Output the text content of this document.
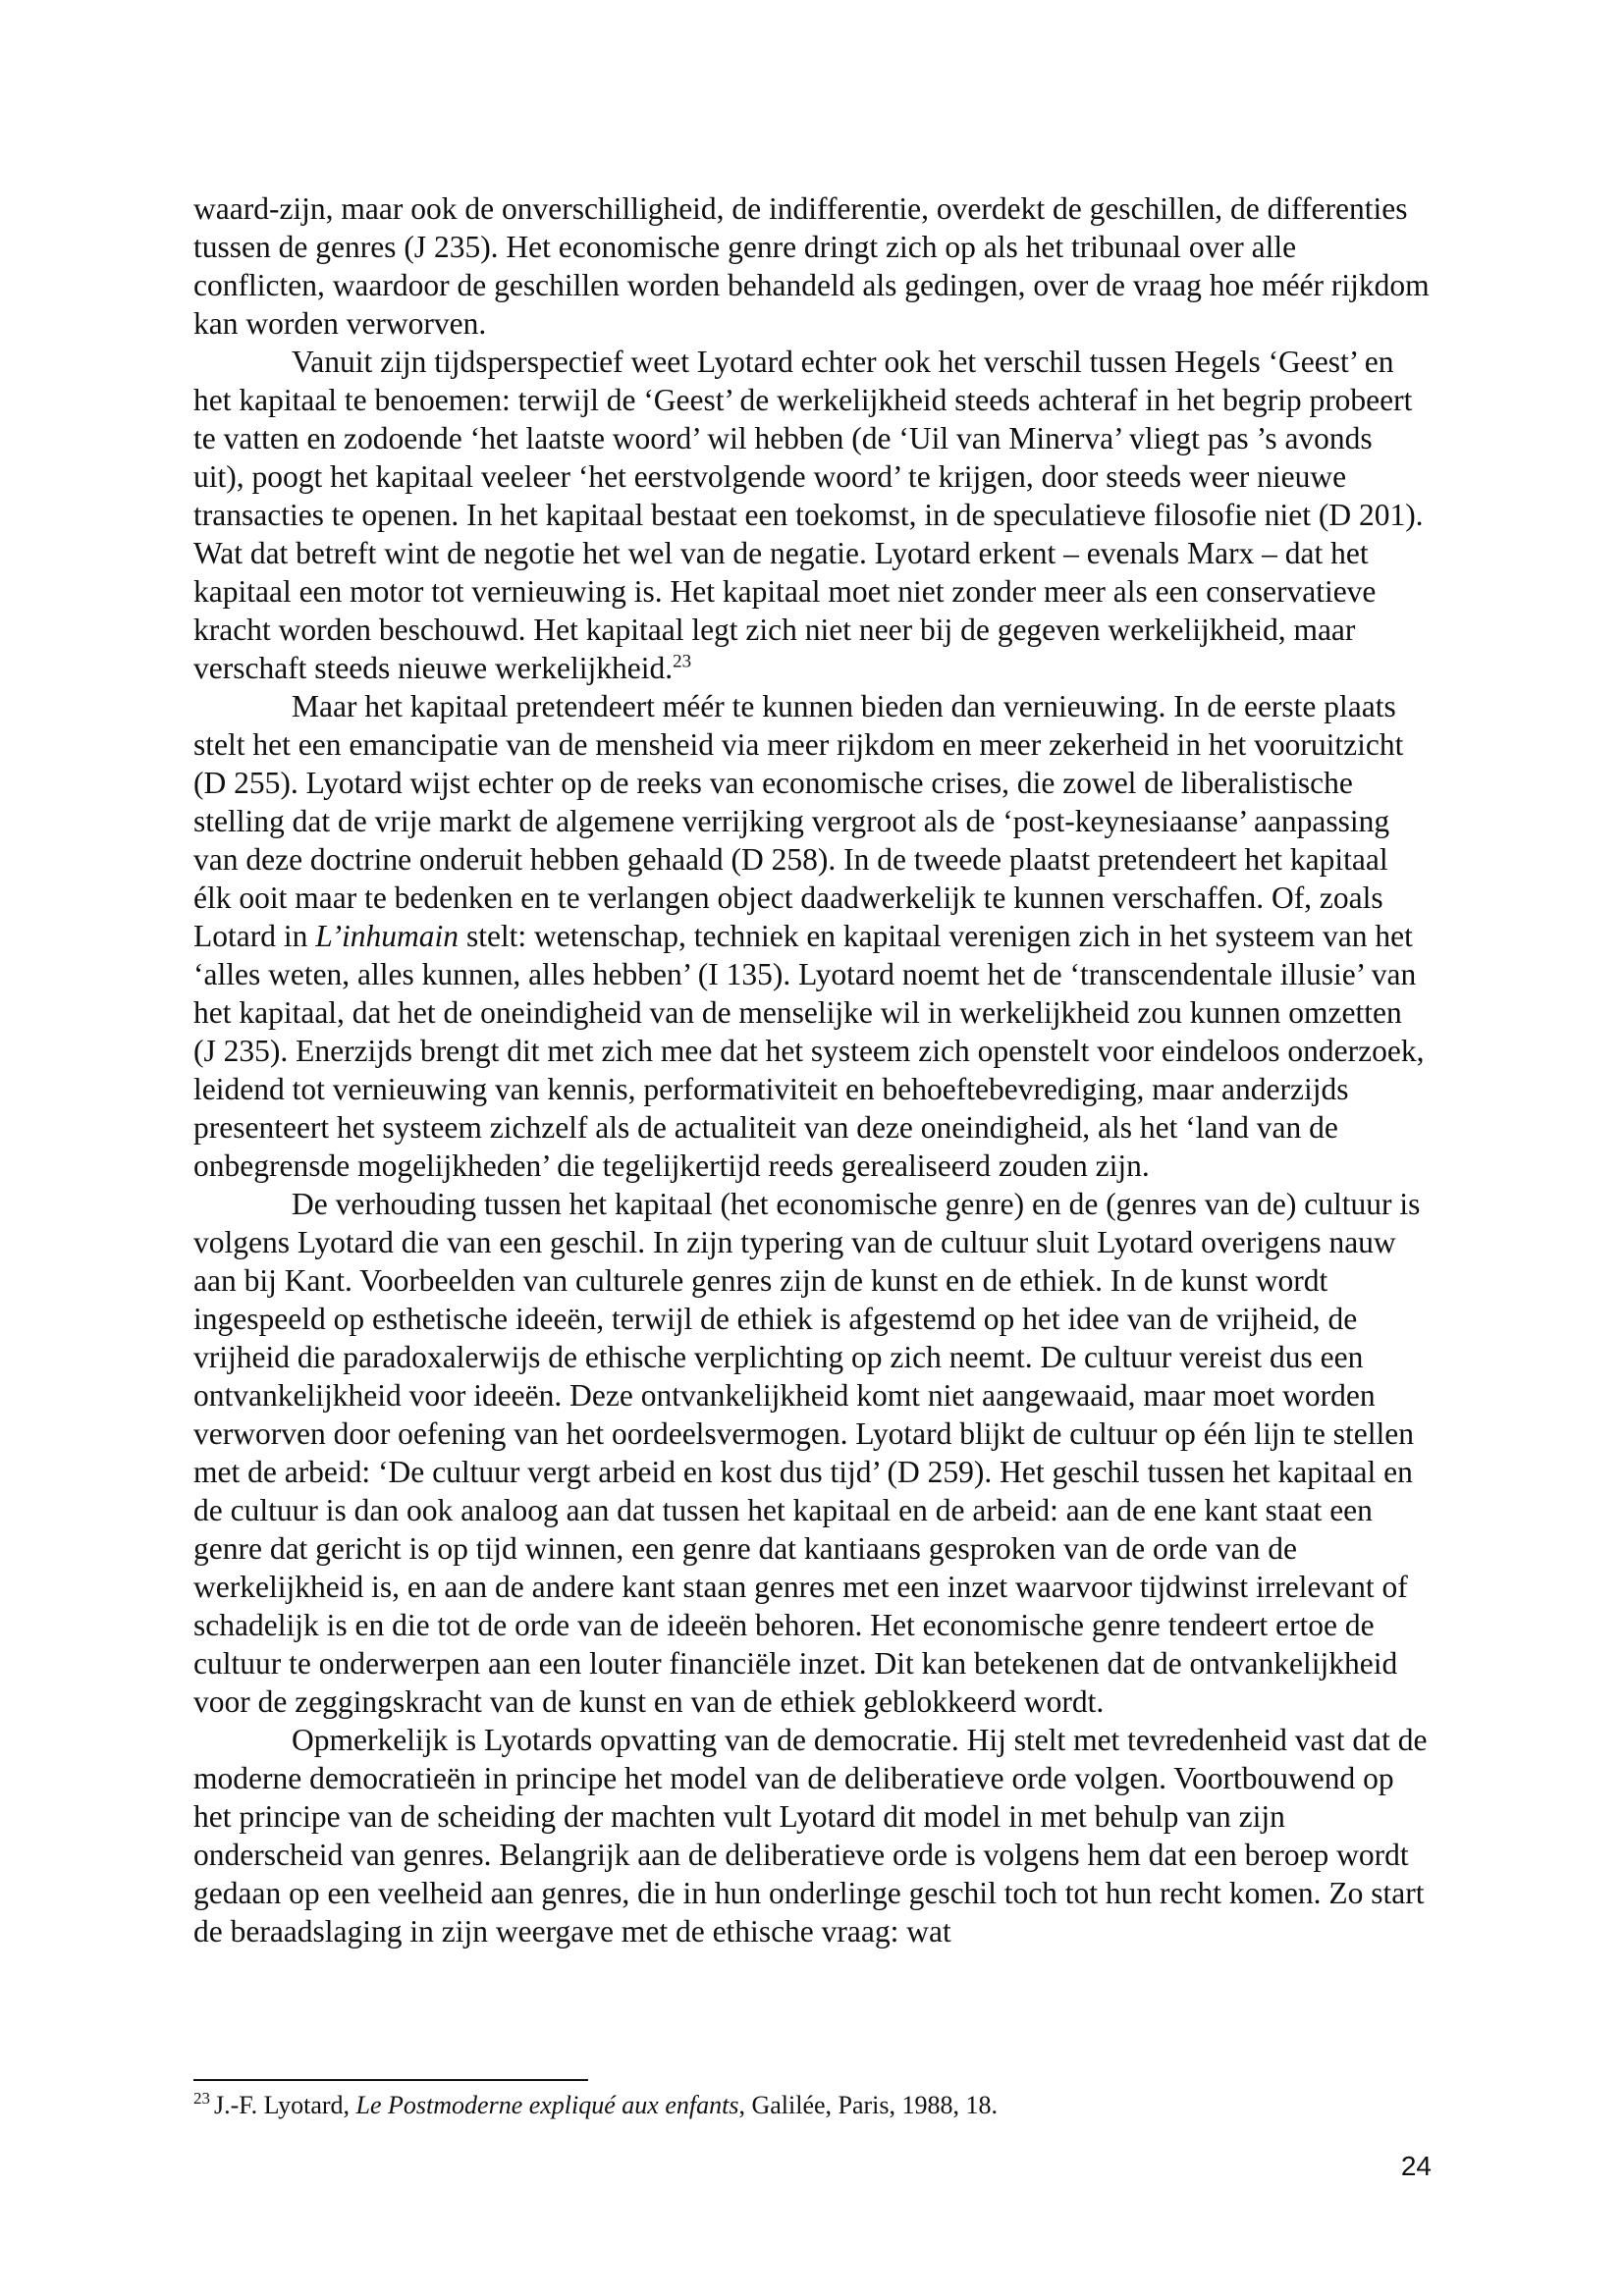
waard-zijn, maar ook de onverschilligheid, de indifferentie, overdekt de geschillen, de differenties tussen de genres (J 235). Het economische genre dringt zich op als het tribunaal over alle conflicten, waardoor de geschillen worden behandeld als gedingen, over de vraag hoe méér rijkdom kan worden verworven.

Vanuit zijn tijdsperspectief weet Lyotard echter ook het verschil tussen Hegels ‘Geest’ en het kapitaal te benoemen: terwijl de ‘Geest’ de werkelijkheid steeds achteraf in het begrip probeert te vatten en zodoende ‘het laatste woord’ wil hebben (de ‘Uil van Minerva’ vliegt pas ’s avonds uit), poogt het kapitaal veeleer ‘het eerstvolgende woord’ te krijgen, door steeds weer nieuwe transacties te openen. In het kapitaal bestaat een toekomst, in de speculatieve filosofie niet (D 201). Wat dat betreft wint de negotie het wel van de negatie. Lyotard erkent – evenals Marx – dat het kapitaal een motor tot vernieuwing is. Het kapitaal moet niet zonder meer als een conservatieve kracht worden beschouwd. Het kapitaal legt zich niet neer bij de gegeven werkelijkheid, maar verschaft steeds nieuwe werkelijkheid.$^{23}$

Maar het kapitaal pretendeert méér te kunnen bieden dan vernieuwing. In de eerste plaats stelt het een emancipatie van de mensheid via meer rijkdom en meer zekerheid in het vooruitzicht (D 255). Lyotard wijst echter op de reeks van economische crises, die zowel de liberalistische stelling dat de vrije markt de algemene verrijking vergroot als de ‘post-keynesiaanse’ aanpassing van deze doctrine onderuit hebben gehaald (D 258). In de tweede plaatst pretendeert het kapitaal élk ooit maar te bedenken en te verlangen object daadwerkelijk te kunnen verschaffen. Of, zoals Lotard in L’inhumain stelt: wetenschap, techniek en kapitaal verenigen zich in het systeem van het ‘alles weten, alles kunnen, alles hebben’ (I 135). Lyotard noemt het de ‘transcendentale illusie’ van het kapitaal, dat het de oneindigheid van de menselijke wil in werkelijkheid zou kunnen omzetten (J 235). Enerzijds brengt dit met zich mee dat het systeem zich openstelt voor eindeloos onderzoek, leidend tot vernieuwing van kennis, performativiteit en behoeftebevrediging, maar anderzijds presenteert het systeem zichzelf als de actualiteit van deze oneindigheid, als het ‘land van de onbegrensde mogelijkheden’ die tegelijkertijd reeds gerealiseerd zouden zijn.

De verhouding tussen het kapitaal (het economische genre) en de (genres van de) cultuur is volgens Lyotard die van een geschil. In zijn typering van de cultuur sluit Lyotard overigens nauw aan bij Kant. Voorbeelden van culturele genres zijn de kunst en de ethiek. In de kunst wordt ingespeeld op esthetische ideeën, terwijl de ethiek is afgestemd op het idee van de vrijheid, de vrijheid die paradoxalerwijs de ethische verplichting op zich neemt. De cultuur vereist dus een ontvankelijkheid voor ideeën. Deze ontvankelijkheid komt niet aangewaaid, maar moet worden verworven door oefening van het oordeelsvermogen. Lyotard blijkt de cultuur op één lijn te stellen met de arbeid: ‘De cultuur vergt arbeid en kost dus tijd’ (D 259). Het geschil tussen het kapitaal en de cultuur is dan ook analoog aan dat tussen het kapitaal en de arbeid: aan de ene kant staat een genre dat gericht is op tijd winnen, een genre dat kantiaans gesproken van de orde van de werkelijkheid is, en aan de andere kant staan genres met een inzet waarvoor tijdwinst irrelevant of schadelijk is en die tot de orde van de ideeën behoren. Het economische genre tendeert ertoe de cultuur te onderwerpen aan een louter financiële inzet. Dit kan betekenen dat de ontvankelijkheid voor de zeggingskracht van de kunst en van de ethiek geblokkeerd wordt.

Opmerkelijk is Lyotards opvatting van de democratie. Hij stelt met tevredenheid vast dat de moderne democratieën in principe het model van de deliberatieve orde volgen. Voortbouwend op het principe van de scheiding der machten vult Lyotard dit model in met behulp van zijn onderscheid van genres. Belangrijk aan de deliberatieve orde is volgens hem dat een beroep wordt gedaan op een veelheid aan genres, die in hun onderlinge geschil toch tot hun recht komen. Zo start de beraadslaging in zijn weergave met de ethische vraag: wat

$^{23}$ J.-F. Lyotard, Le Postmoderne expliqué aux enfants, Galilée, Paris, 1988, 18.

24
